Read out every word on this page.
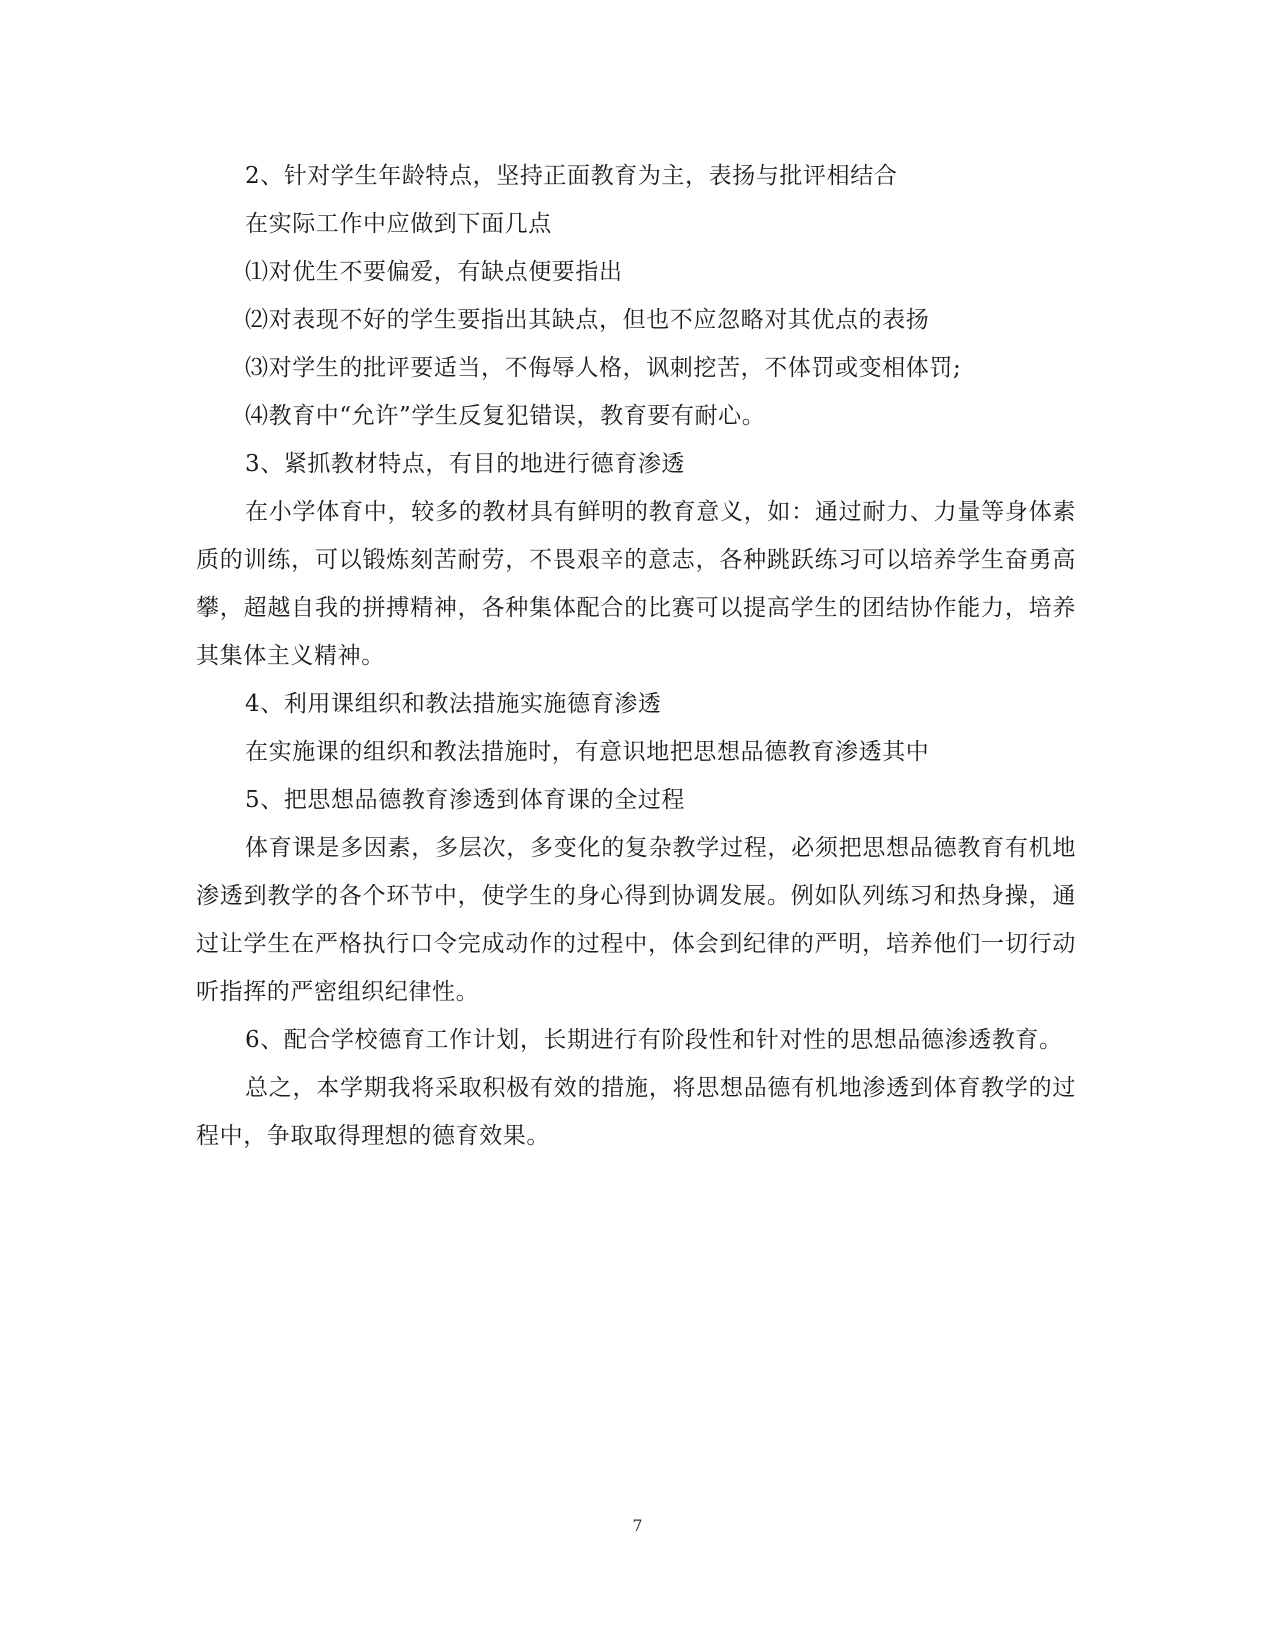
2、针对学生年龄特点，坚持正面教育为主，表扬与批评相结合

在实际工作中应做到下面几点

⑴对优生不要偏爱，有缺点便要指出

⑵对表现不好的学生要指出其缺点，但也不应忽略对其优点的表扬

⑶对学生的批评要适当，不侮辱人格，讽刺挖苦，不体罚或变相体罚;

⑷教育中“允许”学生反复犯错误，教育要有耐心。

3、紧抓教材特点，有目的地进行德育渗透

在小学体育中，较多的教材具有鲜明的教育意义，如：通过耐力、力量等身体素质的训练，可以锻炼刻苦耐劳，不畏艰辛的意志，各种跳跃练习可以培养学生奋勇高攀，超越自我的拼搏精神，各种集体配合的比赛可以提高学生的团结协作能力，培养其集体主义精神。

4、利用课组织和教法措施实施德育渗透

在实施课的组织和教法措施时，有意识地把思想品德教育渗透其中

5、把思想品德教育渗透到体育课的全过程

体育课是多因素，多层次，多变化的复杂教学过程，必须把思想品德教育有机地渗透到教学的各个环节中，使学生的身心得到协调发展。例如队列练习和热身操，通过让学生在严格执行口令完成动作的过程中，体会到纪律的严明，培养他们一切行动听指挥的严密组织纪律性。

6、配合学校德育工作计划，长期进行有阶段性和针对性的思想品德渗透教育。

总之，本学期我将采取积极有效的措施，将思想品德有机地渗透到体育教学的过程中，争取取得理想的德育效果。

7
